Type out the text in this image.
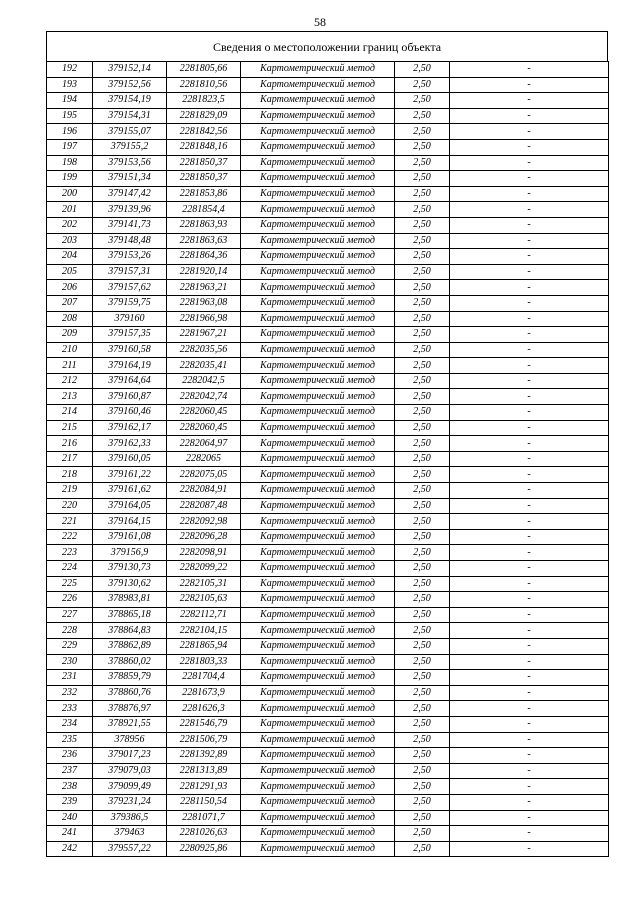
58
Сведения о местоположении границ объекта
192	379152,14	2281805,66	Картометрический метод	2,50	-
193	379152,56	2281810,56	Картометрический метод	2,50	-
194	379154,19	2281823,5	Картометрический метод	2,50	-
195	379154,31	2281829,09	Картометрический метод	2,50	-
196	379155,07	2281842,56	Картометрический метод	2,50	-
197	379155,2	2281848,16	Картометрический метод	2,50	-
198	379153,56	2281850,37	Картометрический метод	2,50	-
199	379151,34	2281850,37	Картометрический метод	2,50	-
200	379147,42	2281853,86	Картометрический метод	2,50	-
201	379139,96	2281854,4	Картометрический метод	2,50	-
202	379141,73	2281863,93	Картометрический метод	2,50	-
203	379148,48	2281863,63	Картометрический метод	2,50	-
204	379153,26	2281864,36	Картометрический метод	2,50	-
205	379157,31	2281920,14	Картометрический метод	2,50	-
206	379157,62	2281963,21	Картометрический метод	2,50	-
207	379159,75	2281963,08	Картометрический метод	2,50	-
208	379160	2281966,98	Картометрический метод	2,50	-
209	379157,35	2281967,21	Картометрический метод	2,50	-
210	379160,58	2282035,56	Картометрический метод	2,50	-
211	379164,19	2282035,41	Картометрический метод	2,50	-
212	379164,64	2282042,5	Картометрический метод	2,50	-
213	379160,87	2282042,74	Картометрический метод	2,50	-
214	379160,46	2282060,45	Картометрический метод	2,50	-
215	379162,17	2282060,45	Картометрический метод	2,50	-
216	379162,33	2282064,97	Картометрический метод	2,50	-
217	379160,05	2282065	Картометрический метод	2,50	-
218	379161,22	2282075,05	Картометрический метод	2,50	-
219	379161,62	2282084,91	Картометрический метод	2,50	-
220	379164,05	2282087,48	Картометрический метод	2,50	-
221	379164,15	2282092,98	Картометрический метод	2,50	-
222	379161,08	2282096,28	Картометрический метод	2,50	-
223	379156,9	2282098,91	Картометрический метод	2,50	-
224	379130,73	2282099,22	Картометрический метод	2,50	-
225	379130,62	2282105,31	Картометрический метод	2,50	-
226	378983,81	2282105,63	Картометрический метод	2,50	-
227	378865,18	2282112,71	Картометрический метод	2,50	-
228	378864,83	2282104,15	Картометрический метод	2,50	-
229	378862,89	2281865,94	Картометрический метод	2,50	-
230	378860,02	2281803,33	Картометрический метод	2,50	-
231	378859,79	2281704,4	Картометрический метод	2,50	-
232	378860,76	2281673,9	Картометрический метод	2,50	-
233	378876,97	2281626,3	Картометрический метод	2,50	-
234	378921,55	2281546,79	Картометрический метод	2,50	-
235	378956	2281506,79	Картометрический метод	2,50	-
236	379017,23	2281392,89	Картометрический метод	2,50	-
237	379079,03	2281313,89	Картометрический метод	2,50	-
238	379099,49	2281291,93	Картометрический метод	2,50	-
239	379231,24	2281150,54	Картометрический метод	2,50	-
240	379386,5	2281071,7	Картометрический метод	2,50	-
241	379463	2281026,63	Картометрический метод	2,50	-
242	379557,22	2280925,86	Картометрический метод	2,50	-
